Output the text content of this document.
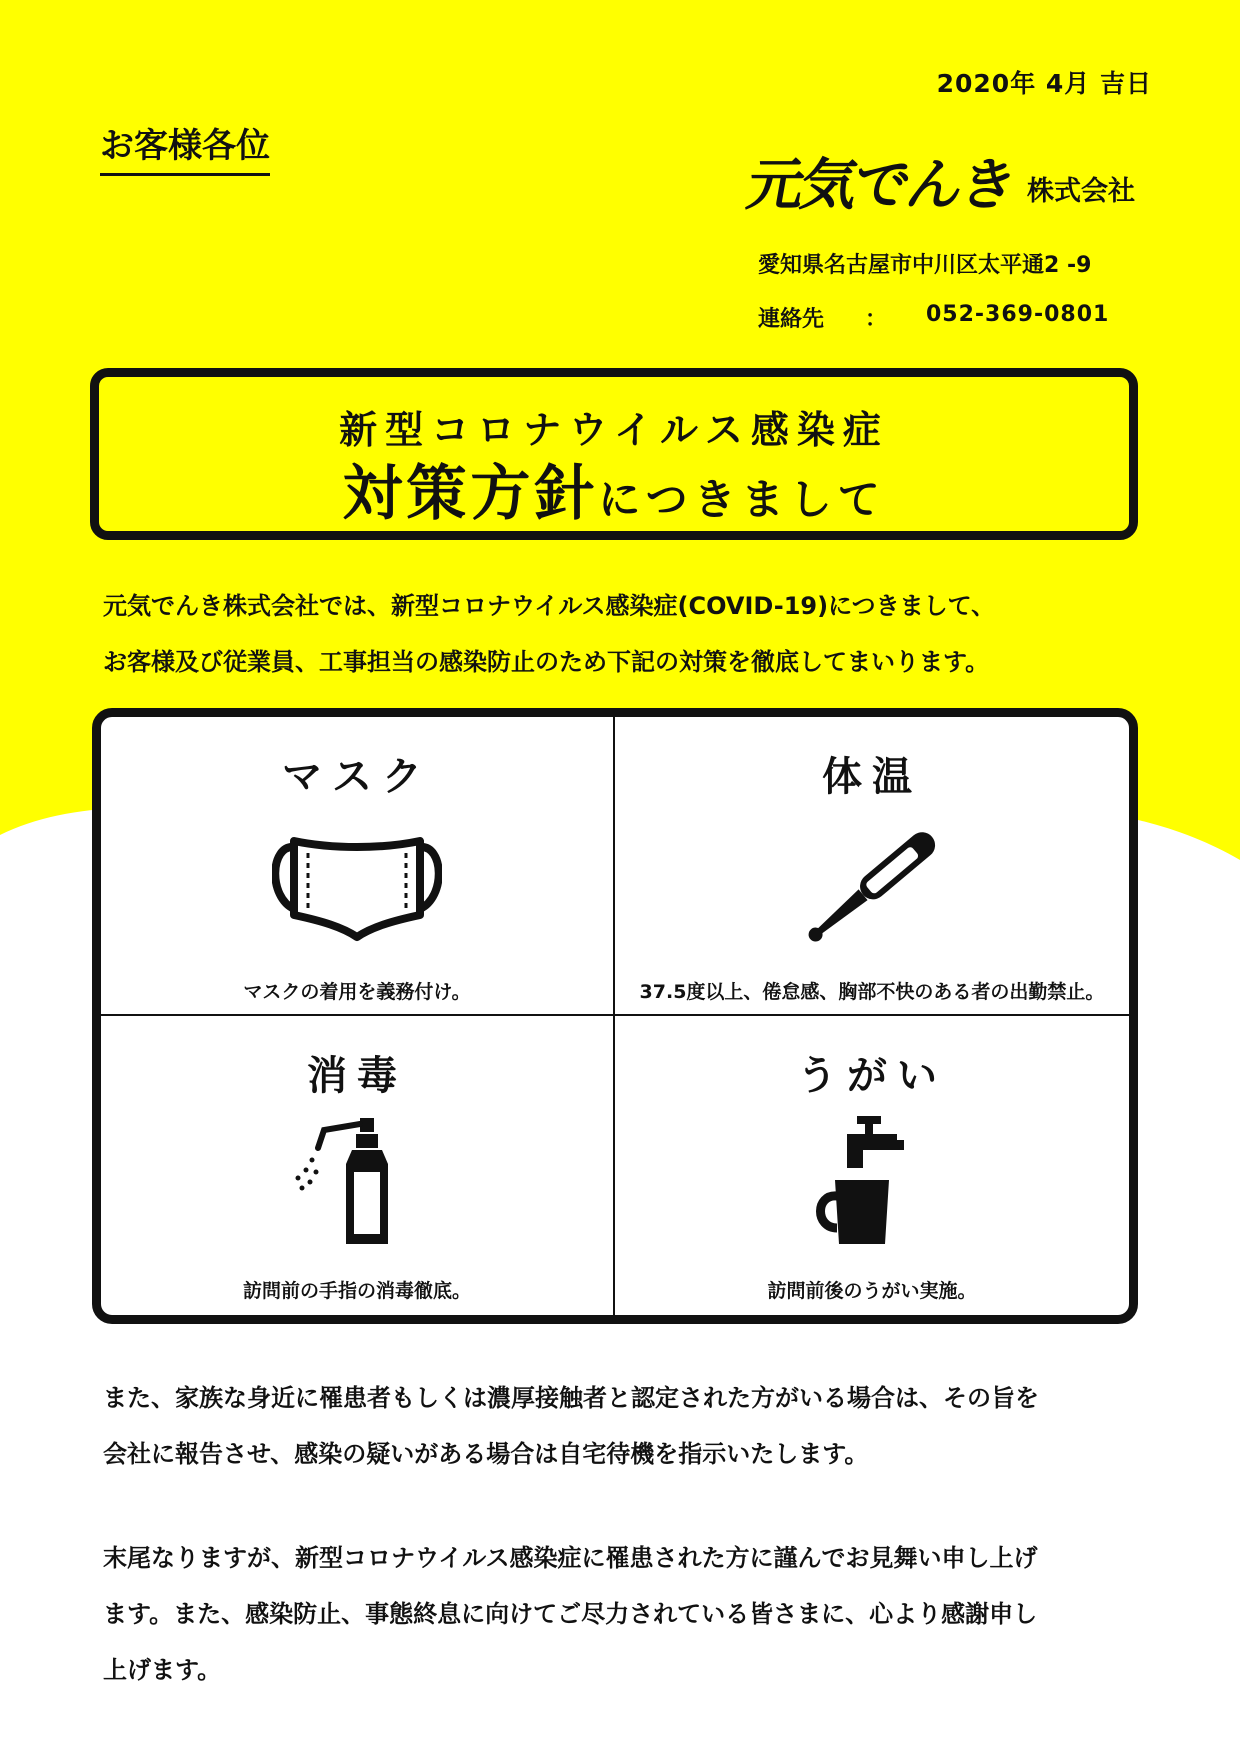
2020年 4月 吉日
お客様各位
元気でんき 株式会社
愛知県名古屋市中川区太平通2 -9
連絡先	：	052-369-0801
新型コロナウイルス感染症
対策方針につきまして
元気でんき株式会社では、新型コロナウイルス感染症(COVID-19)につきまして、
お客様及び従業員、工事担当の感染防止のため下記の対策を徹底してまいります。
マスク
マスクの着用を義務付け。
体温
37.5度以上、倦怠感、胸部不快のある者の出勤禁止。
消毒
訪問前の手指の消毒徹底。
うがい
訪問前後のうがい実施。
また、家族な身近に罹患者もしくは濃厚接触者と認定された方がいる場合は、その旨を
会社に報告させ、感染の疑いがある場合は自宅待機を指示いたします。
末尾なりますが、新型コロナウイルス感染症に罹患された方に謹んでお見舞い申し上げ
ます。また、感染防止、事態終息に向けてご尽力されている皆さまに、心より感謝申し
上げます。
